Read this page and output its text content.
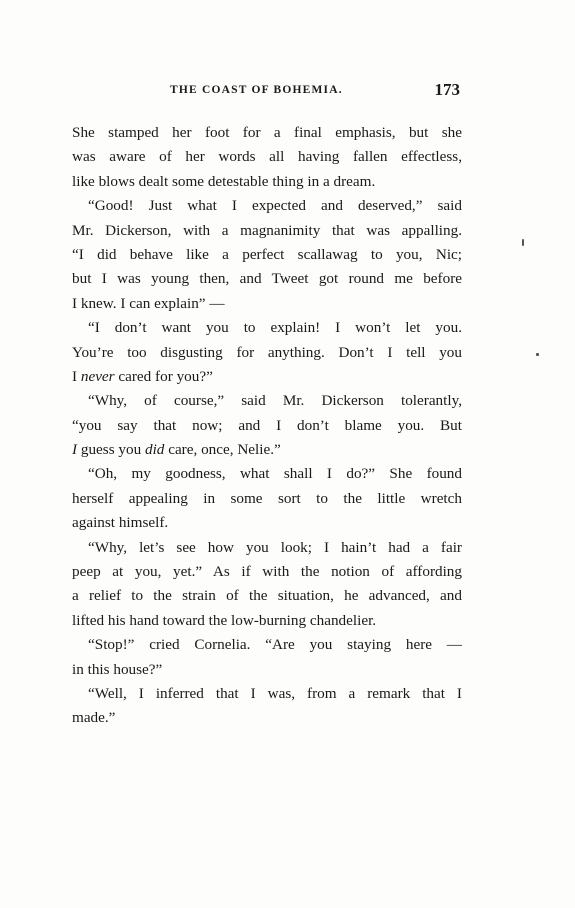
THE COAST OF BOHEMIA.	173
She stamped her foot for a final emphasis, but she
was aware of her words all having fallen effectless,
like blows dealt some detestable thing in a dream.
“Good! Just what I expected and deserved,” said
Mr. Dickerson, with a magnanimity that was appalling.
“I did behave like a perfect scallawag to you, Nic;
but I was young then, and Tweet got round me before
I knew. I can explain” —
“I don’t want you to explain! I won’t let you.
You’re too disgusting for anything. Don’t I tell you
I never cared for you?”
“Why, of course,” said Mr. Dickerson tolerantly,
“you say that now; and I don’t blame you. But
I guess you did care, once, Nelie.”
“Oh, my goodness, what shall I do?” She found
herself appealing in some sort to the little wretch
against himself.
“Why, let’s see how you look; I hain’t had a fair
peep at you, yet.” As if with the notion of affording
a relief to the strain of the situation, he advanced, and
lifted his hand toward the low-burning chandelier.
“Stop!” cried Cornelia. “Are you staying here —
in this house?”
“Well, I inferred that I was, from a remark that I
made.”
